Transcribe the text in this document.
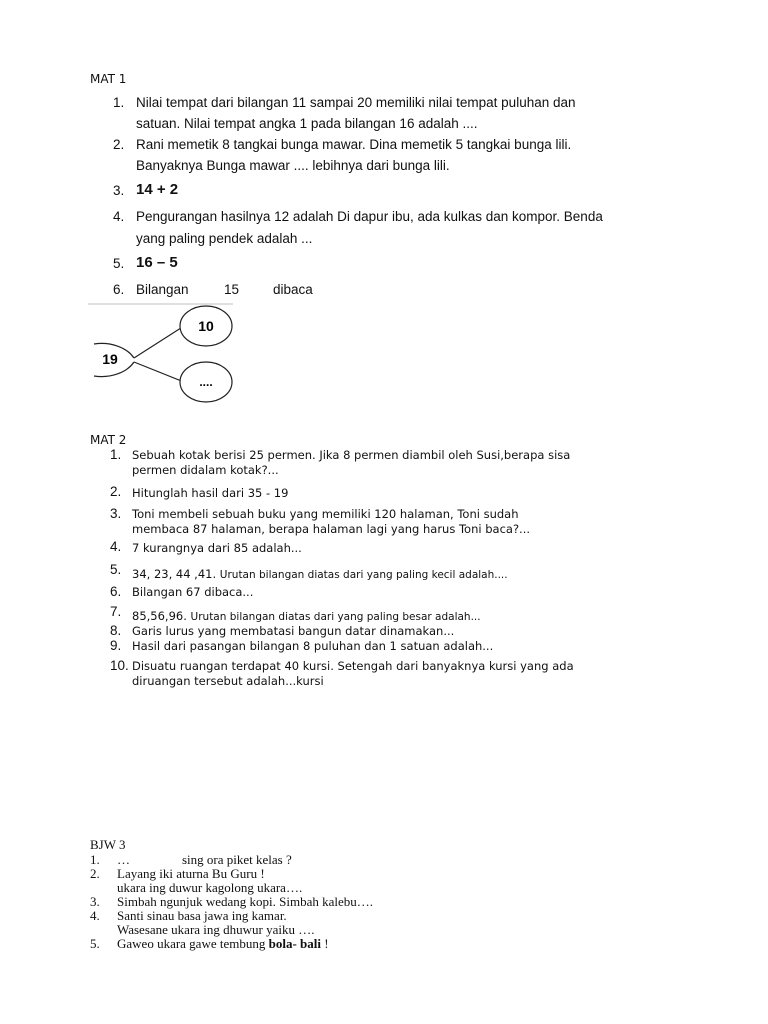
MAT 1
1. Nilai tempat dari bilangan 11 sampai 20 memiliki nilai tempat puluhan dan
satuan. Nilai tempat angka 1 pada bilangan 16 adalah ....
2. Rani memetik 8 tangkai bunga mawar. Dina memetik 5 tangkai bunga lili.
Banyaknya Bunga mawar .... lebihnya dari bunga lili.
3. 14 + 2
4. Pengurangan hasilnya 12 adalah Di dapur ibu, ada kulkas dan kompor. Benda
yang paling pendek adalah ...
5. 16 – 5
6. Bilangan	15	dibaca
19
10
....
MAT 2
1. Sebuah kotak berisi 25 permen. Jika 8 permen diambil oleh Susi,berapa sisa
permen didalam kotak?...
2. Hitunglah hasil dari 35 - 19
3. Toni membeli sebuah buku yang memiliki 120 halaman, Toni sudah
membaca 87 halaman, berapa halaman lagi yang harus Toni baca?...
4. 7 kurangnya dari 85 adalah...
5. 34, 23, 44 ,41. Urutan bilangan diatas dari yang paling kecil adalah....
6. Bilangan 67 dibaca...
7. 85,56,96. Urutan bilangan diatas dari yang paling besar adalah...
8. Garis lurus yang membatasi bangun datar dinamakan...
9. Hasil dari pasangan bilangan 8 puluhan dan 1 satuan adalah...
10. Disuatu ruangan terdapat 40 kursi. Setengah dari banyaknya kursi yang ada
diruangan tersebut adalah...kursi
BJW 3
1. …	sing ora piket kelas ?
2. Layang iki aturna Bu Guru !
ukara ing duwur kagolong ukara….
3. Simbah ngunjuk wedang kopi. Simbah kalebu….
4. Santi sinau basa jawa ing kamar.
Wasesane ukara ing dhuwur yaiku ….
5. Gaweo ukara gawe tembung bola- bali !
